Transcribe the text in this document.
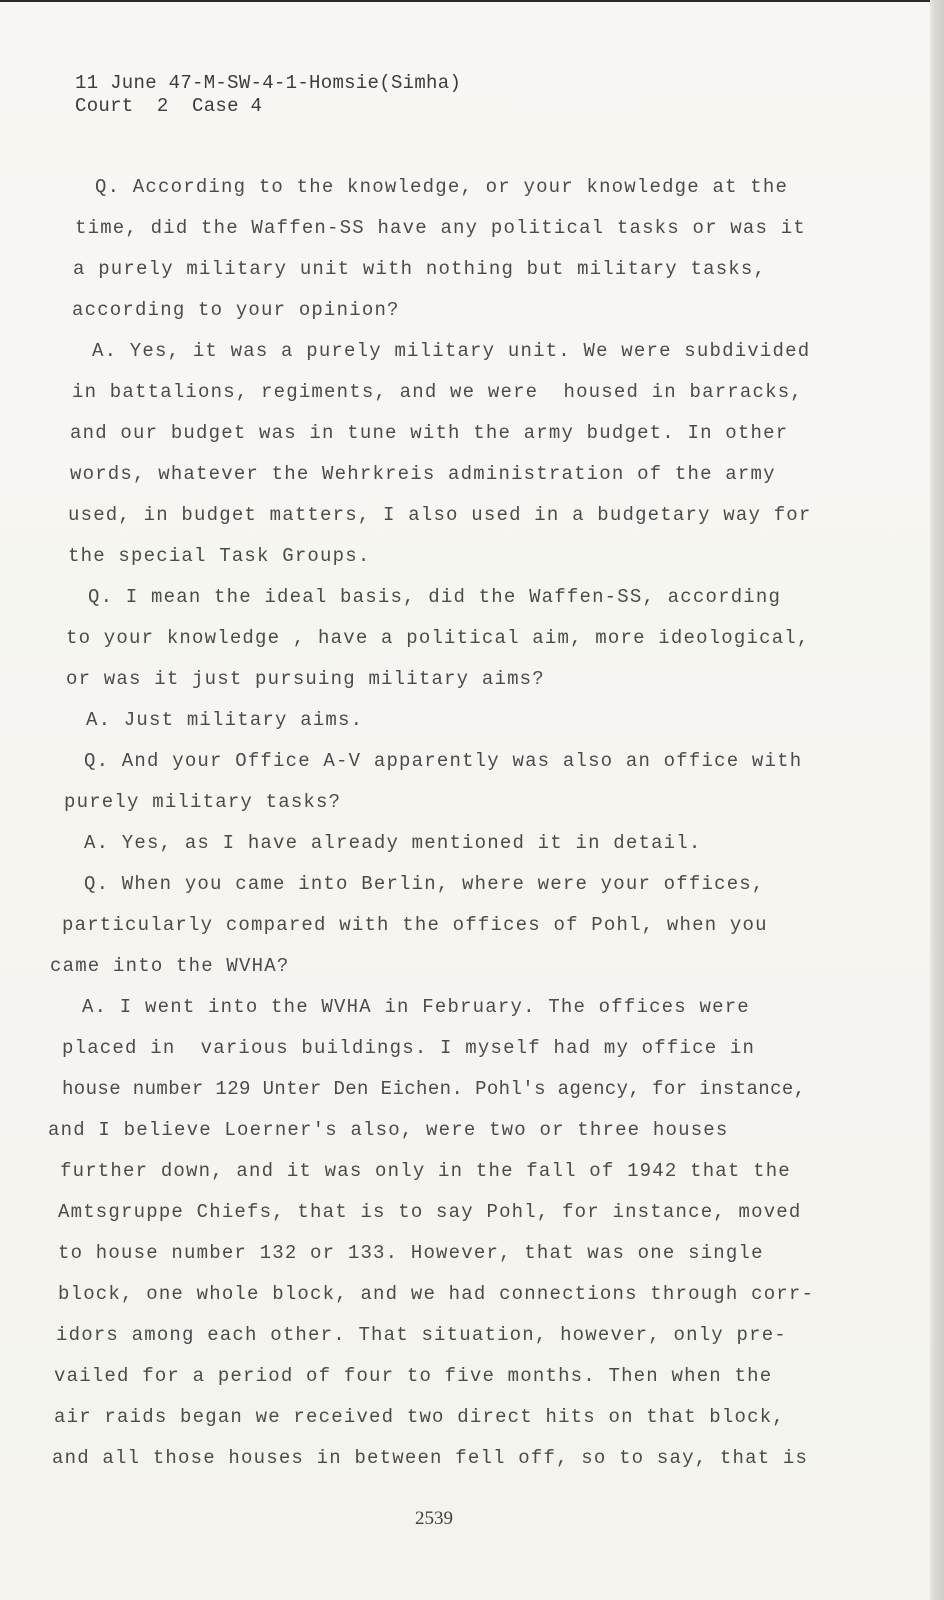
11 June 47-M-SW-4-1-Homsie(Simha)
Court  2  Case 4
Q. According to the knowledge, or your knowledge at the
time, did the Waffen-SS have any political tasks or was it
a purely military unit with nothing but military tasks,
according to your opinion?
A. Yes, it was a purely military unit. We were subdivided
in battalions, regiments, and we were  housed in barracks,
and our budget was in tune with the army budget. In other
words, whatever the Wehrkreis administration of the army
used, in budget matters, I also used in a budgetary way for
the special Task Groups.
Q. I mean the ideal basis, did the Waffen-SS, according
to your knowledge , have a political aim, more ideological,
or was it just pursuing military aims?
A. Just military aims.
Q. And your Office A-V apparently was also an office with
purely military tasks?
A. Yes, as I have already mentioned it in detail.
Q. When you came into Berlin, where were your offices,
particularly compared with the offices of Pohl, when you
came into the WVHA?
A. I went into the WVHA in February. The offices were
placed in  various buildings. I myself had my office in
house number 129 Unter Den Eichen. Pohl's agency, for instance,
and I believe Loerner's also, were two or three houses
further down, and it was only in the fall of 1942 that the
Amtsgruppe Chiefs, that is to say Pohl, for instance, moved
to house number 132 or 133. However, that was one single
block, one whole block, and we had connections through corr-
idors among each other. That situation, however, only pre-
vailed for a period of four to five months. Then when the
air raids began we received two direct hits on that block,
and all those houses in between fell off, so to say, that is
2539
